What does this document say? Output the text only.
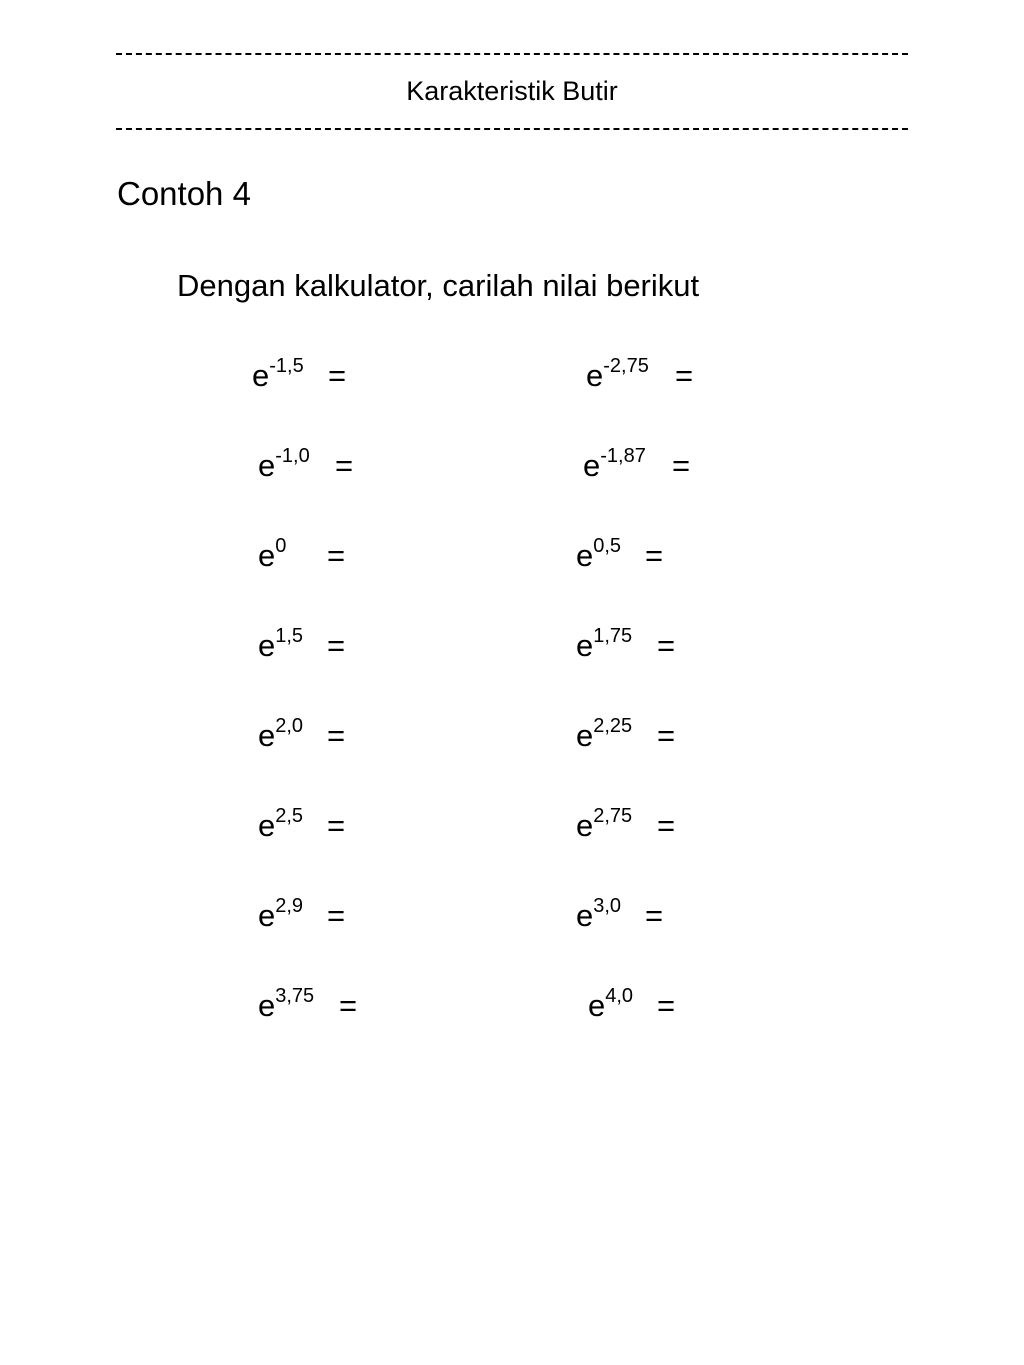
Karakteristik Butir
Contoh 4
Dengan kalkulator, carilah nilai berikut
$e^{-1,5}$ =
$e^{-1,0}$ =
$e^0$ =
$e^{1,5}$ =
$e^{2,0}$ =
$e^{2,5}$ =
$e^{2,9}$ =
$e^{3,75}$ =
$e^{-2,75}$ =
$e^{-1,87}$ =
$e^{0,5}$ =
$e^{1,75}$ =
$e^{2,25}$ =
$e^{2,75}$ =
$e^{3,0}$ =
$e^{4,0}$ =
